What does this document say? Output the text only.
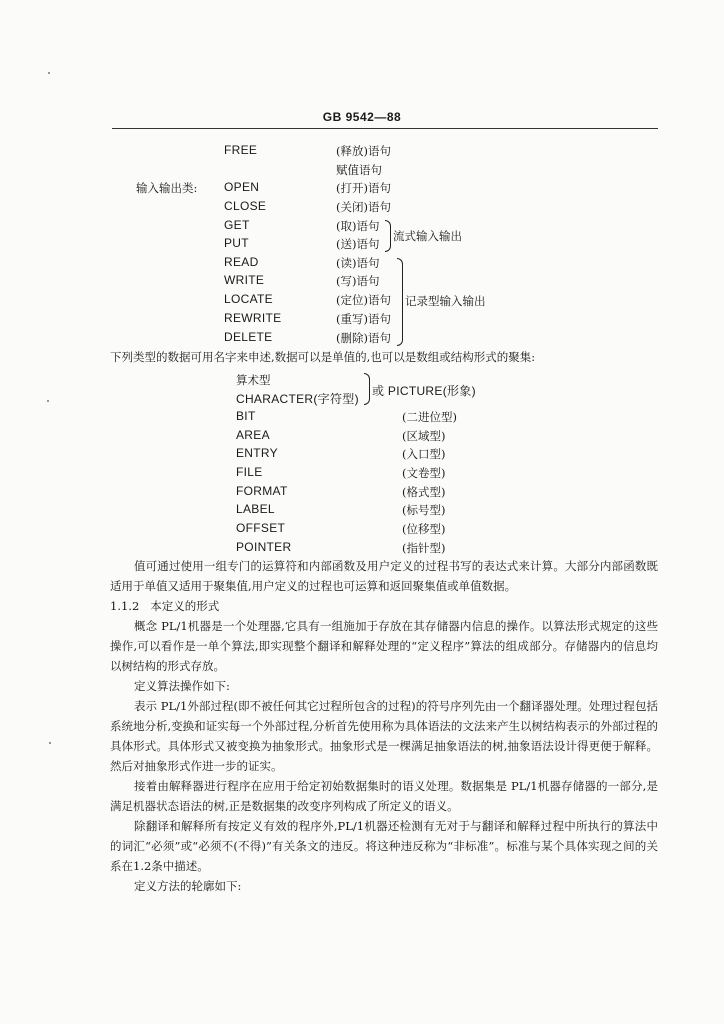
GB 9542—88
输入输出类:
FREE	(释放)语句
赋值语句
OPEN	(打开)语句
CLOSE	(关闭)语句
GET	(取)语句
PUT	(送)语句
READ	(读)语句
WRITE	(写)语句
LOCATE	(定位)语句
REWRITE	(重写)语句
DELETE	(删除)语句
流式输入输出
记录型输入输出
下列类型的数据可用名字来申述,数据可以是单值的,也可以是数组或结构形式的聚集:
算术型
CHARACTER(字符型)
或 PICTURE(形象)
BIT	(二进位型)
AREA	(区域型)
ENTRY	(入口型)
FILE	(文卷型)
FORMAT	(格式型)
LABEL	(标号型)
OFFSET	(位移型)
POINTER	(指针型)

值可通过使用一组专门的运算符和内部函数及用户定义的过程书写的表达式来计算。大部分内部函数既适用于单值又适用于聚集值,用户定义的过程也可运算和返回聚集值或单值数据。

1.1.2 本定义的形式

概念 PL/1机器是一个处理器,它具有一组施加于存放在其存储器内信息的操作。以算法形式规定的这些操作,可以看作是一单个算法,即实现整个翻译和解释处理的“定义程序”算法的组成部分。存储器内的信息均以树结构的形式存放。

定义算法操作如下:

表示 PL/1外部过程(即不被任何其它过程所包含的过程)的符号序列先由一个翻译器处理。处理过程包括系统地分析,变换和证实每一个外部过程,分析首先使用称为具体语法的文法来产生以树结构表示的外部过程的具体形式。具体形式又被变换为抽象形式。抽象形式是一棵满足抽象语法的树,抽象语法设计得更便于解释。然后对抽象形式作进一步的证实。

接着由解释器进行程序在应用于给定初始数据集时的语义处理。数据集是 PL/1机器存储器的一部分,是满足机器状态语法的树,正是数据集的改变序列构成了所定义的语义。

除翻译和解释所有按定义有效的程序外,PL/1机器还检测有无对于与翻译和解释过程中所执行的算法中的词汇“必须”或“必须不(不得)”有关条文的违反。将这种违反称为“非标准”。标准与某个具体实现之间的关系在1.2条中描述。

定义方法的轮廓如下:
